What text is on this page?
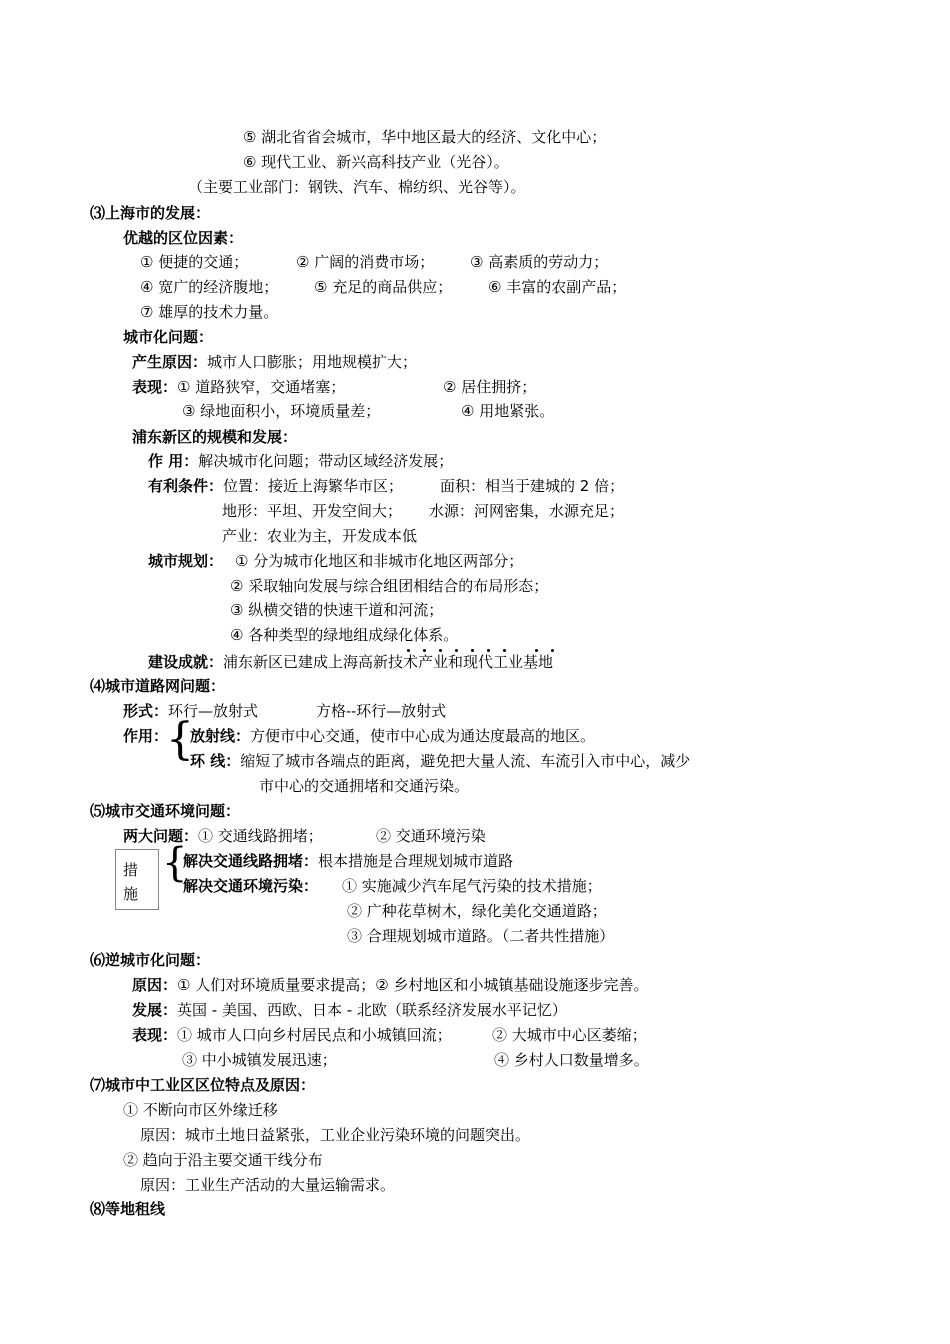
⑤ 湖北省省会城市，华中地区最大的经济、文化中心；
⑥ 现代工业、新兴高科技产业（光谷）。
（主要工业部门：钢铁、汽车、棉纺织、光谷等）。
⑶上海市的发展：
优越的区位因素：
① 便捷的交通；	② 广阔的消费市场； ③ 高素质的劳动力；
④ 宽广的经济腹地； ⑤ 充足的商品供应； ⑥ 丰富的农副产品；
⑦ 雄厚的技术力量。
城市化问题：
产生原因：城市人口膨胀；用地规模扩大；
表现：① 道路狭窄，交通堵塞；	② 居住拥挤；
③ 绿地面积小，环境质量差；	④ 用地紧张。
浦东新区的规模和发展：
作 用：解决城市化问题；带动区域经济发展；
有利条件：位置：接近上海繁华市区； 面积：相当于建城的 2 倍；
地形：平坦、开发空间大； 水源：河网密集，水源充足；
产业：农业为主，开发成本低
城市规划： ① 分为城市化地区和非城市化地区两部分；
② 采取轴向发展与综合组团相结合的布局形态；
③ 纵横交错的快速干道和河流；
④ 各种类型的绿地组成绿化体系。
建设成就：浦东新区已建成上海高新技术产业和现代工业基地
⑷城市道路网问题：
形式：环行—放射式	方格--环行—放射式
作用：
{
放射线：方便市中心交通，使市中心成为通达度最高的地区。
环 线：缩短了城市各端点的距离，避免把大量人流、车流引入市中心，减少
市中心的交通拥堵和交通污染。
⑸城市交通环境问题：
两大问题：① 交通线路拥堵；	② 交通环境污染
措
施
{
解决交通线路拥堵：根本措施是合理规划城市道路
解决交通环境污染： ① 实施减少汽车尾气污染的技术措施；
② 广种花草树木，绿化美化交通道路；
③ 合理规划城市道路。（二者共性措施）
⑹逆城市化问题：
原因：① 人们对环境质量要求提高；② 乡村地区和小城镇基础设施逐步完善。
发展：英国 - 美国、西欧、日本 - 北欧（联系经济发展水平记忆）
表现：① 城市人口向乡村居民点和小城镇回流；	② 大城市中心区萎缩；
③ 中小城镇发展迅速；	④ 乡村人口数量增多。
⑺城市中工业区区位特点及原因：
① 不断向市区外缘迁移
原因：城市土地日益紧张，工业企业污染环境的问题突出。
② 趋向于沿主要交通干线分布
原因：工业生产活动的大量运输需求。
⑻等地租线
